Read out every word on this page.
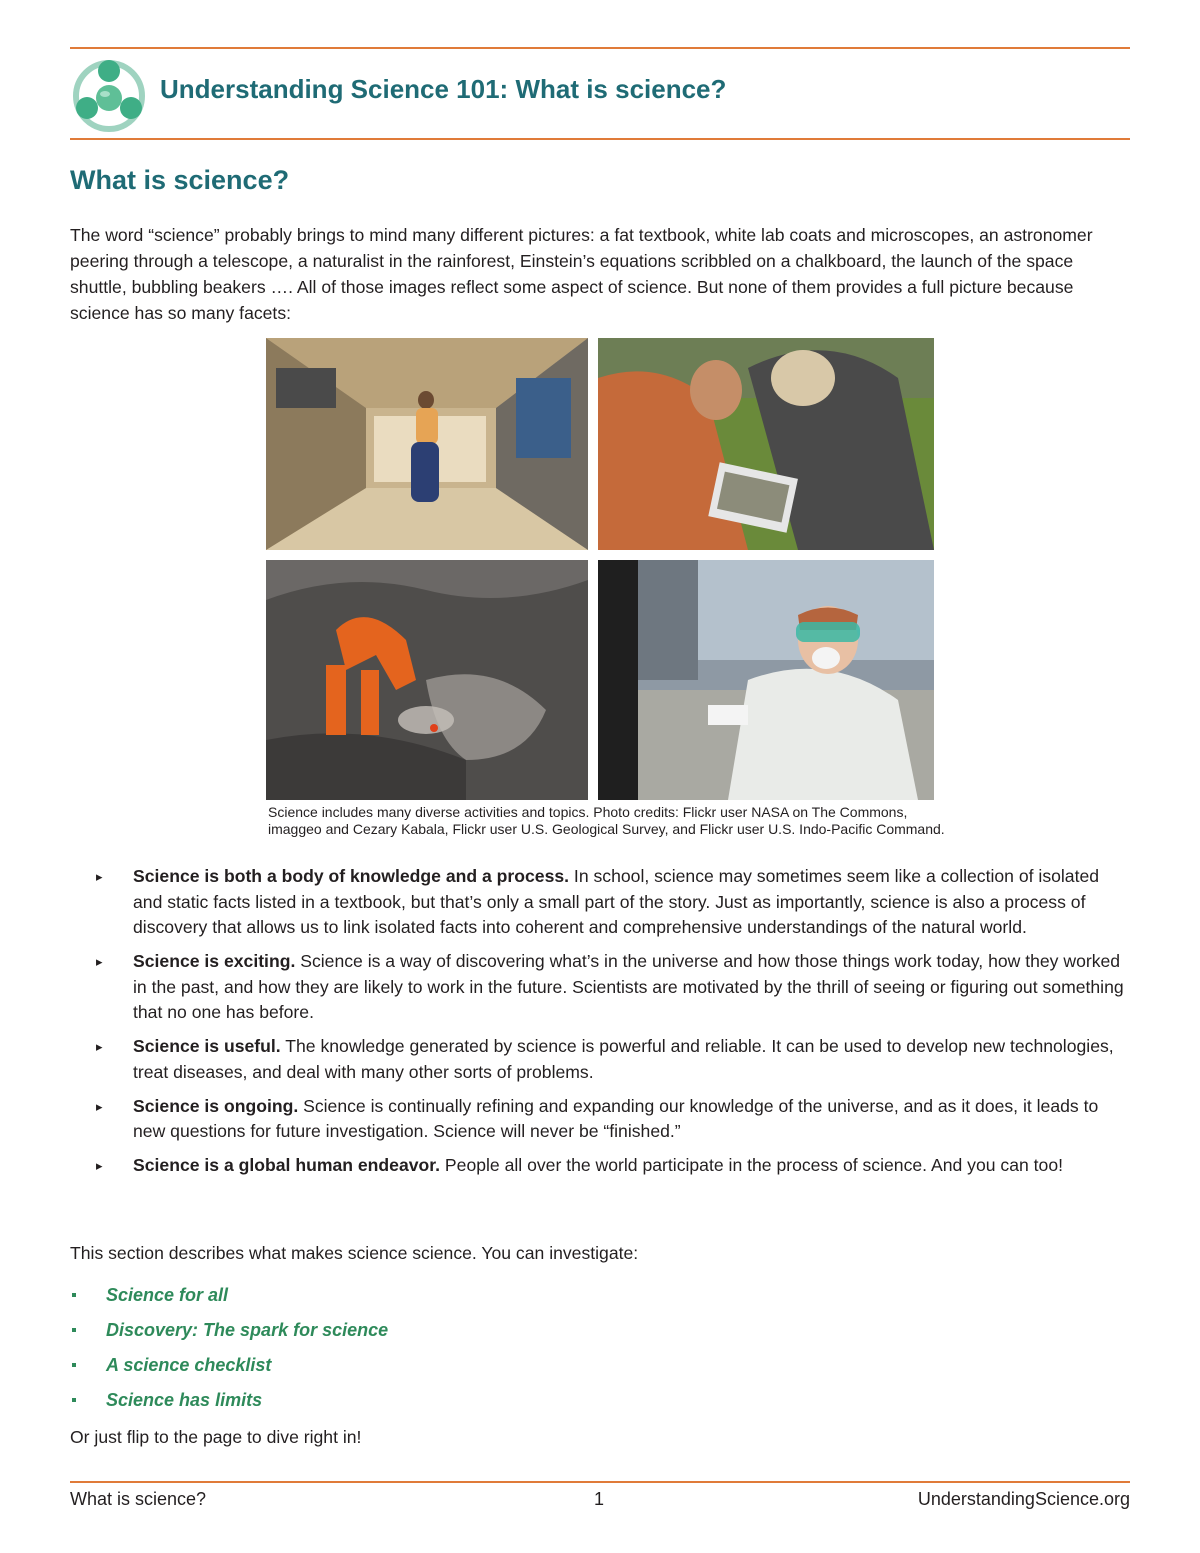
Understanding Science 101: What is science?
What is science?

The word “science” probably brings to mind many different pictures: a fat textbook, white lab coats and microscopes, an astronomer peering through a telescope, a naturalist in the rainforest, Einstein’s equations scribbled on a chalkboard, the launch of the space shuttle, bubbling beakers …. All of those images reflect some aspect of science. But none of them provides a full picture because science has so many facets:

Science includes many diverse activities and topics. Photo credits: Flickr user NASA on The Commons, imaggeo and Cezary Kabala, Flickr user U.S. Geological Survey, and Flickr user U.S. Indo-Pacific Command.

▸ Science is both a body of knowledge and a process. In school, science may sometimes seem like a collection of isolated and static facts listed in a textbook, but that’s only a small part of the story. Just as importantly, science is also a process of discovery that allows us to link isolated facts into coherent and comprehensive understandings of the natural world.
▸ Science is exciting. Science is a way of discovering what’s in the universe and how those things work today, how they worked in the past, and how they are likely to work in the future. Scientists are motivated by the thrill of seeing or figuring out something that no one has before.
▸ Science is useful. The knowledge generated by science is powerful and reliable. It can be used to develop new technologies, treat diseases, and deal with many other sorts of problems.
▸ Science is ongoing. Science is continually refining and expanding our knowledge of the universe, and as it does, it leads to new questions for future investigation. Science will never be “finished.”
▸ Science is a global human endeavor. People all over the world participate in the process of science. And you can too!

This section describes what makes science science. You can investigate:

Science for all
Discovery: The spark for science
A science checklist
Science has limits

Or just flip to the page to dive right in!

What is science?	1	UnderstandingScience.org
